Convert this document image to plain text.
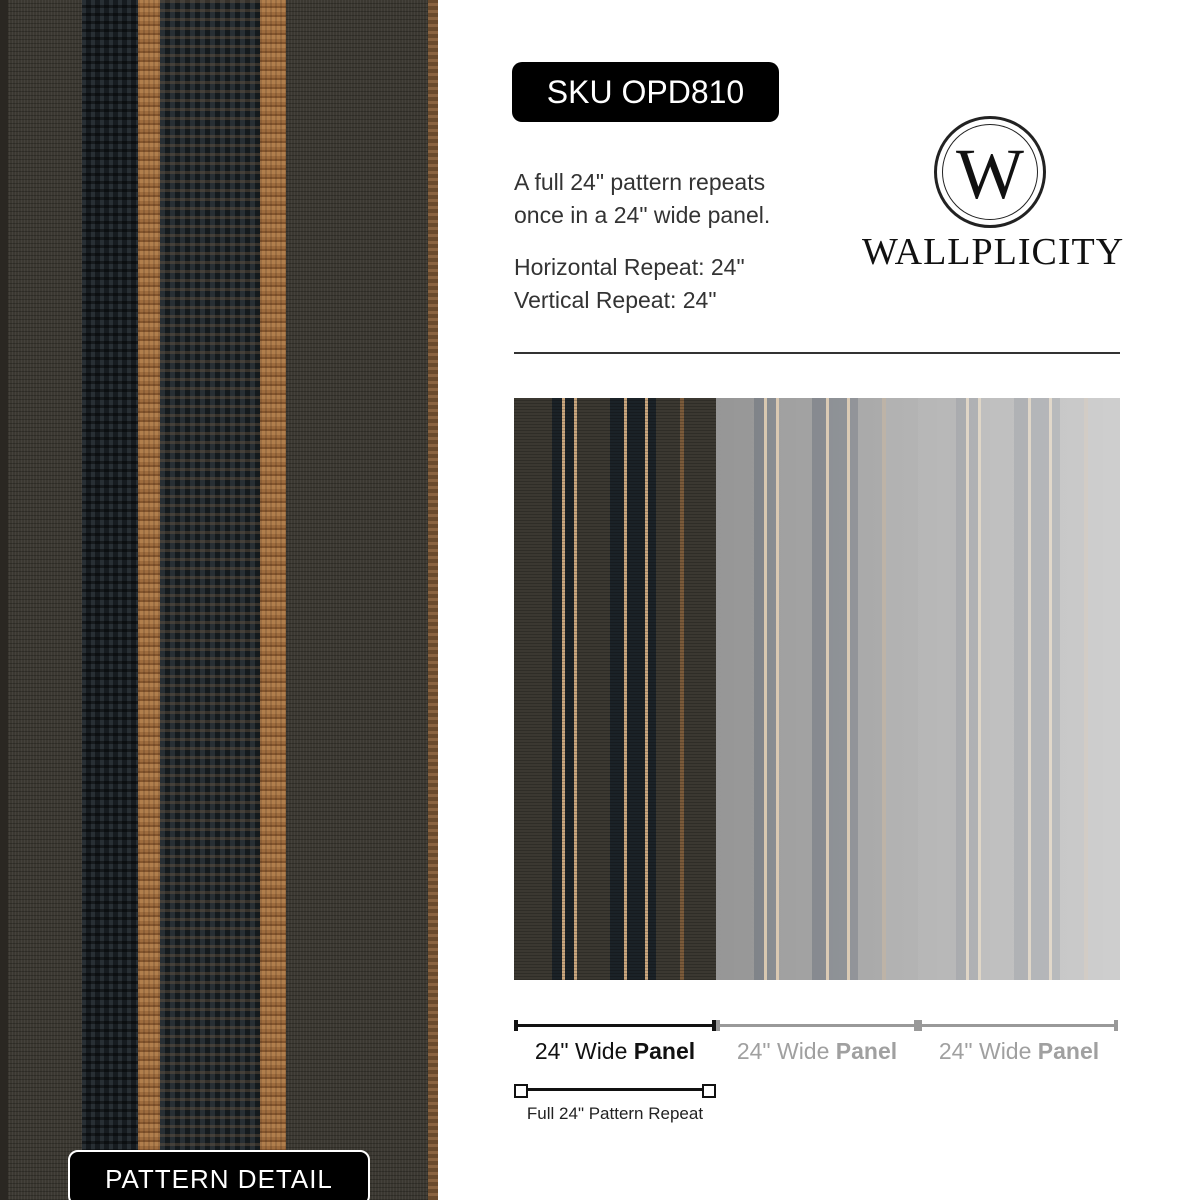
PATTERN DETAIL
SKU OPD810
A full 24" pattern repeats
once in a 24" wide panel.
Horizontal Repeat: 24"
Vertical Repeat: 24"
W
WALLPLICITY
24" Wide Panel	24" Wide Panel	24" Wide Panel
Full 24" Pattern Repeat
